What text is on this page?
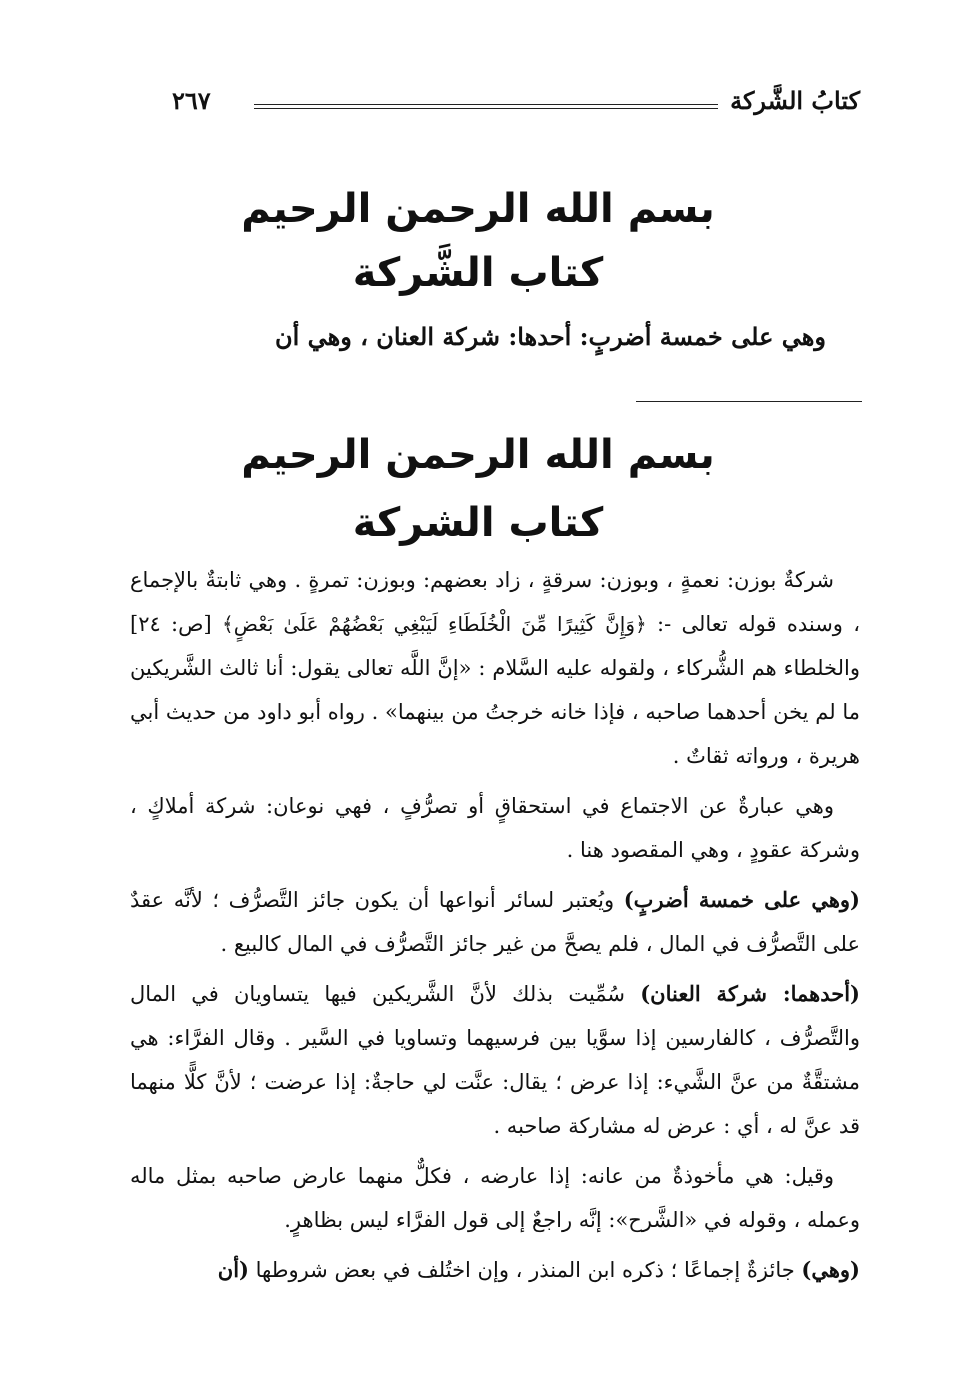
كتابُ الشَّركة
٢٦٧
بسم الله الرحمن الرحيم
كتاب الشَّركة
وهي على خمسة أضربٍ: أحدها: شركة العنان ، وهي أن
بسم الله الرحمن الرحيم
كتاب الشركة

شركةٌ بوزن: نعمةٍ ، وبوزن: سرقةٍ ، زاد بعضهم: وبوزن: تمرةٍ . وهي ثابتةٌ بالإجماع ، وسنده قوله تعالى -: ﴿وَإِنَّ كَثِيرًا مِّنَ الْخُلَطَاءِ لَيَبْغِي بَعْضُهُمْ عَلَىٰ بَعْضٍ﴾ [ص: ٢٤] والخلطاء هم الشُّركاء ، ولقوله عليه السَّلام : «إنَّ اللَّه تعالى يقول: أنا ثالث الشَّريكين ما لم يخن أحدهما صاحبه ، فإذا خانه خرجتُ من بينهما» . رواه أبو داود من حديث أبي هريرة ، ورواته ثقاتٌ .

وهي عبارةٌ عن الاجتماع في استحقاقٍ أو تصرُّفٍ ، فهي نوعان: شركة أملاكٍ ، وشركة عقودٍ ، وهي المقصود هنا .

(وهي على خمسة أضربٍ) ويُعتبر لسائر أنواعها أن يكون جائز التَّصرُّف ؛ لأنَّه عقدٌ على التَّصرُّف في المال ، فلم يصحَّ من غير جائز التَّصرُّف في المال كالبيع .

(أحدهما: شركة العنان) سُمِّيت بذلك لأنَّ الشَّريكين فيها يتساويان في المال والتَّصرُّف ، كالفارسين إذا سوَّيا بين فرسيهما وتساويا في السَّير . وقال الفرَّاء: هي مشتقَّةٌ من عنَّ الشَّيء: إذا عرض ؛ يقال: عنَّت لي حاجةٌ: إذا عرضت ؛ لأنَّ كلًّا منهما قد عنَّ له ، أي : عرض له مشاركة صاحبه .

وقيل: هي مأخوذةٌ من عانه: إذا عارضه ، فكلٌّ منهما عارض صاحبه بمثل ماله وعمله ، وقوله في «الشَّرح»: إنَّه راجعٌ إلى قول الفرَّاء ليس بظاهرٍ.

(وهي) جائزةٌ إجماعًا ؛ ذكره ابن المنذر ، وإن اختُلف في بعض شروطها (أن
